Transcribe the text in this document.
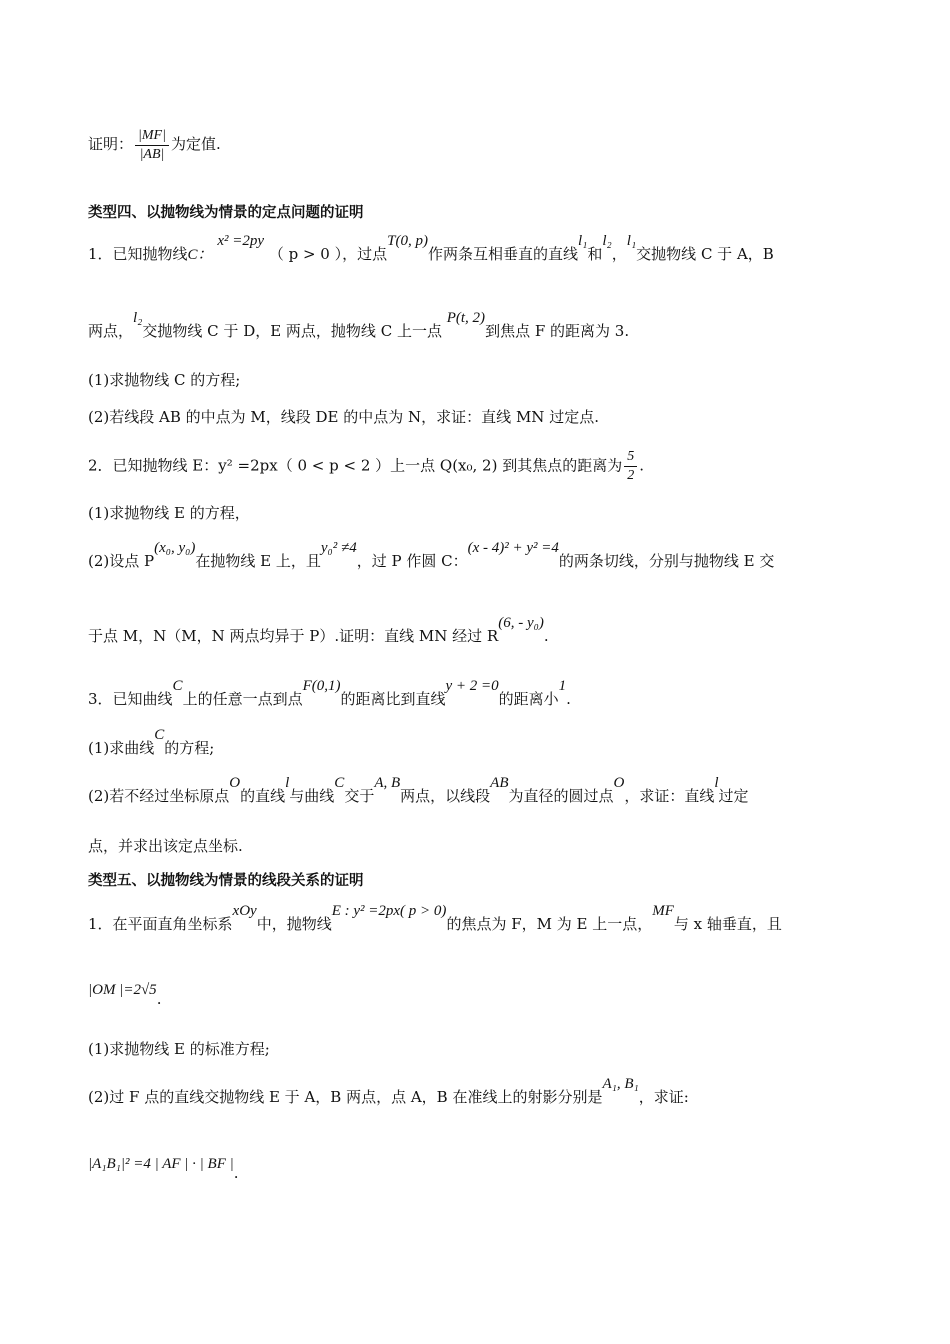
证明： $\frac{|MF|}{|AB|}$ 为定值.
类型四、以抛物线为情景的定点问题的证明
1．已知抛物线C： x² =2py （ p > 0 ），过点T(0, p)作两条互相垂直的直线l₁和l₂，l₁交抛物线 C 于 A，B
两点，l₂交抛物线 C 于 D，E 两点，抛物线 C 上一点 P(t, 2)到焦点 F 的距离为 3.
(1)求抛物线 C 的方程;
(2)若线段 AB 的中点为 M，线段 DE 的中点为 N，求证：直线 MN 过定点.
2．已知抛物线 E：y² =2px（ 0 < p < 2 ）上一点 Q(x₀, 2) 到其焦点的距离为 $\frac{5}{2}$ .
(1)求抛物线 E 的方程，
(2)设点 P(x₀, y₀)在抛物线 E 上，且y₀² ≠4，过 P 作圆 C：(x - 4)² + y² =4的两条切线，分别与抛物线 E 交
于点 M，N（M，N 两点均异于 P）.证明：直线 MN 经过 R(6, - y₀).
3．已知曲线C上的任意一点到点F(0,1)的距离比到直线y + 2 =0的距离小1.
(1)求曲线C的方程;
(2)若不经过坐标原点O的直线l与曲线C交于A, B两点，以线段AB为直径的圆过点O，求证：直线l过定
点，并求出该定点坐标.
类型五、以抛物线为情景的线段关系的证明
1．在平面直角坐标系xOy中，抛物线E : y² =2px( p > 0)的焦点为 F，M 为 E 上一点，MF与 x 轴垂直，且
|OM |=2√5.
(1)求抛物线 E 的标准方程;
(2)过 F 点的直线交抛物线 E 于 A，B 两点，点 A，B 在准线上的射影分别是A₁, B₁，求证:
|A₁B₁|² =4 | AF | · | BF |.
